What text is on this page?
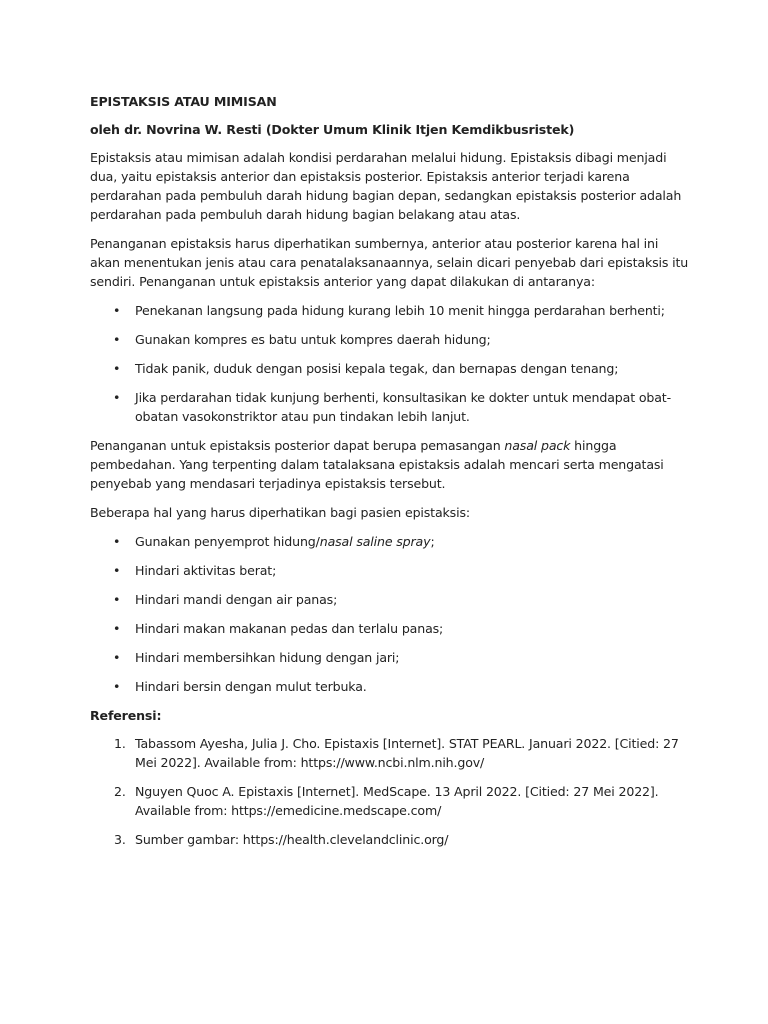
EPISTAKSIS ATAU MIMISAN
oleh dr. Novrina W. Resti (Dokter Umum Klinik Itjen Kemdikbusristek)

Epistaksis atau mimisan adalah kondisi perdarahan melalui hidung. Epistaksis dibagi menjadi dua, yaitu epistaksis anterior dan epistaksis posterior. Epistaksis anterior terjadi karena perdarahan pada pembuluh darah hidung bagian depan, sedangkan epistaksis posterior adalah perdarahan pada pembuluh darah hidung bagian belakang atau atas.

Penanganan epistaksis harus diperhatikan sumbernya, anterior atau posterior karena hal ini akan menentukan jenis atau cara penatalaksanaannya, selain dicari penyebab dari epistaksis itu sendiri. Penanganan untuk epistaksis anterior yang dapat dilakukan di antaranya:

• Penekanan langsung pada hidung kurang lebih 10 menit hingga perdarahan berhenti;
• Gunakan kompres es batu untuk kompres daerah hidung;
• Tidak panik, duduk dengan posisi kepala tegak, dan bernapas dengan tenang;
• Jika perdarahan tidak kunjung berhenti, konsultasikan ke dokter untuk mendapat obat-obatan vasokonstriktor atau pun tindakan lebih lanjut.

Penanganan untuk epistaksis posterior dapat berupa pemasangan nasal pack hingga pembedahan. Yang terpenting dalam tatalaksana epistaksis adalah mencari serta mengatasi penyebab yang mendasari terjadinya epistaksis tersebut.

Beberapa hal yang harus diperhatikan bagi pasien epistaksis:

• Gunakan penyemprot hidung/nasal saline spray;
• Hindari aktivitas berat;
• Hindari mandi dengan air panas;
• Hindari makan makanan pedas dan terlalu panas;
• Hindari membersihkan hidung dengan jari;
• Hindari bersin dengan mulut terbuka.
Referensi:
1. Tabassom Ayesha, Julia J. Cho. Epistaxis [Internet]. STAT PEARL. Januari 2022. [Citied: 27 Mei 2022]. Available from: https://www.ncbi.nlm.nih.gov/
2. Nguyen Quoc A. Epistaxis [Internet]. MedScape. 13 April 2022. [Citied: 27 Mei 2022]. Available from: https://emedicine.medscape.com/
3. Sumber gambar: https://health.clevelandclinic.org/
